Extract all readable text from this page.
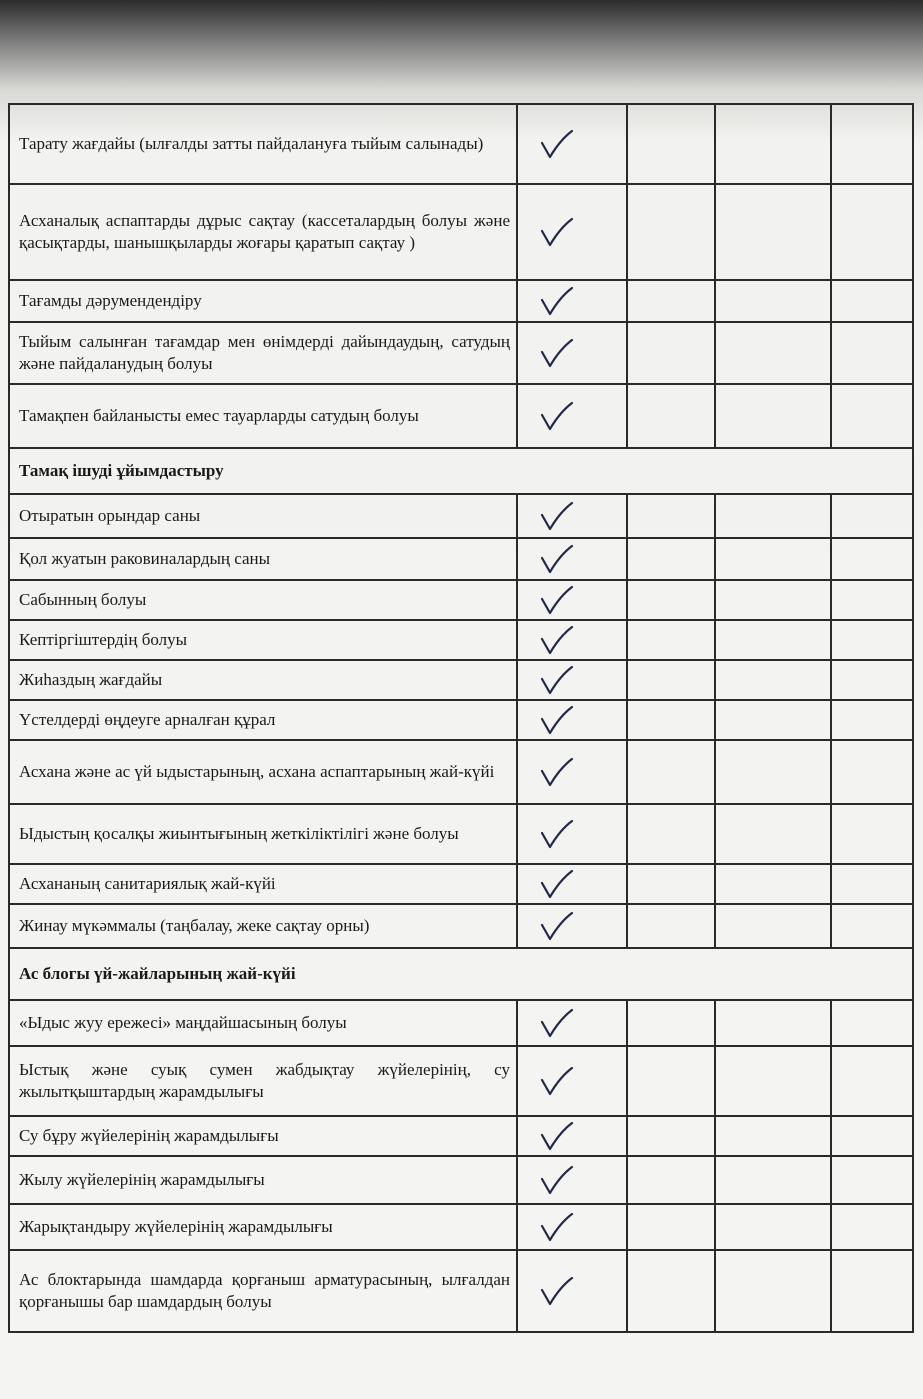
Тарату жағдайы (ылғалды затты пайдалануға тыйым салынады)	

Асханалық аспаптарды дұрыс сақтау (кассеталардың болуы және қасықтарды, шанышқыларды жоғары қаратып сақтау )	

Тағамды дәрумендендіру	

Тыйым салынған тағамдар мен өнімдерді дайындаудың, сатудың және пайдаланудың болуы	

Тамақпен байланысты емес тауарларды сатудың болуы	

Тамақ ішуді ұйымдастыру				
Отыратын орындар саны	

Қол жуатын раковиналардың саны	

Сабынның болуы	

Кептіргіштердің болуы	

Жиһаздың жағдайы	

Үстелдерді өңдеуге арналған құрал	

Асхана және ас үй ыдыстарының, асхана аспаптарының жай-күйі	

Ыдыстың қосалқы жиынтығының жеткіліктілігі және болуы	

Асхананың санитариялық жай-күйі	

Жинау мүкәммалы (таңбалау, жеке сақтау орны)	

Ас блогы үй-жайларының жай-күйі				
«Ыдыс жуу ережесі» маңдайшасының болуы	

Ыстық және суық сумен жабдықтау жүйелерінің, су жылытқыштардың жарамдылығы	

Су бұру жүйелерінің жарамдылығы	

Жылу жүйелерінің жарамдылығы	

Жарықтандыру жүйелерінің жарамдылығы	

Ас блоктарында шамдарда қорғаныш арматурасының, ылғалдан қорғанышы бар шамдардың болуы	
